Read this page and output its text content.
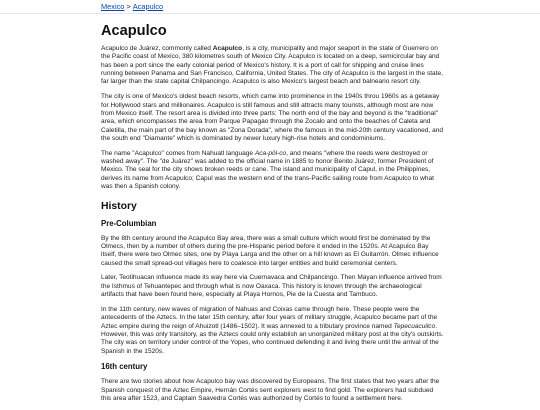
Mexico > Acapulco
Acapulco

Acapulco de Juárez, commonly called Acapulco, is a city, municipality and major seaport in the state of Guerrero on the Pacific coast of Mexico, 380 kilometres south of Mexico City. Acapulco is located on a deep, semicircular bay and has been a port since the early colonial period of Mexico's history. It is a port of call for shipping and cruise lines running between Panama and San Francisco, California, United States. The city of Acapulco is the largest in the state, far larger than the state capital Chilpancingo. Acapulco is also Mexico's largest beach and balneario resort city.

The city is one of Mexico's oldest beach resorts, which came into prominence in the 1940s throu 1960s as a getaway for Hollywood stars and millionaires. Acapulco is still famous and still attracts many tourists, although most are now from Mexico itself. The resort area is divided into three parts: The north end of the bay and beyond is the "traditional" area, which encompasses the area from Parque Papagao through the Zocalo and onto the beaches of Caleta and Caletilla, the main part of the bay known as "Zona Dorada", where the famous in the mid-20th century vacationed, and the south end "Diamante" which is dominated by newer luxury high-rise hotels and condominiums.

The name "Acapulco" comes from Nahuatl language Aca-pōl-co, and means "where the reeds were destroyed or washed away". The "de Juárez" was added to the official name in 1885 to honor Benito Juárez, former President of Mexico. The seal for the city shows broken reeds or cane. The island and municipality of Capul, in the Philippines, derives its name from Acapulco; Capul was the western end of the trans-Pacific sailing route from Acapulco to what was then a Spanish colony.

History
Pre-Columbian

By the 8th century around the Acapulco Bay area, there was a small culture which would first be dominated by the Olmecs, then by a number of others during the pre-Hispanic period before it ended in the 1520s. At Acapulco Bay itself, there were two Olmec sites, one by Playa Larga and the other on a hill known as El Guitarrón. Olmec influence caused the small spread-out villages here to coalesce into larger entities and build ceremonial centers.

Later, Teotihuacan influence made its way here via Cuernavaca and Chilpancingo. Then Mayan influence arrived from the Isthmus of Tehuantepec and through what is now Oaxaca. This history is known through the archaeological artifacts that have been found here, especially at Playa Hornos, Pie de la Cuesta and Tambuco.

In the 11th century, new waves of migration of Nahuas and Coixas came through here. These people were the antecedents of the Aztecs. In the later 15th century, after four years of military struggle, Acapulco became part of the Aztec empire during the reign of Ahuizotl (1486–1502). It was annexed to a tributary province named Tepecuacuilco. However, this was only transitory, as the Aztecs could only establish an unorganized military post at the city's outskirts. The city was on territory under control of the Yopes, who continued defending it and living there until the arrival of the Spanish in the 1520s.

16th century

There are two stories about how Acapulco bay was discovered by Europeans. The first states that two years after the Spanish conquest of the Aztec Empire, Hernán Cortés sent explorers west to find gold. The explorers had subdued this area after 1523, and Captain Saavedra Cortés was authorized by Cortés to found a settlement here.
